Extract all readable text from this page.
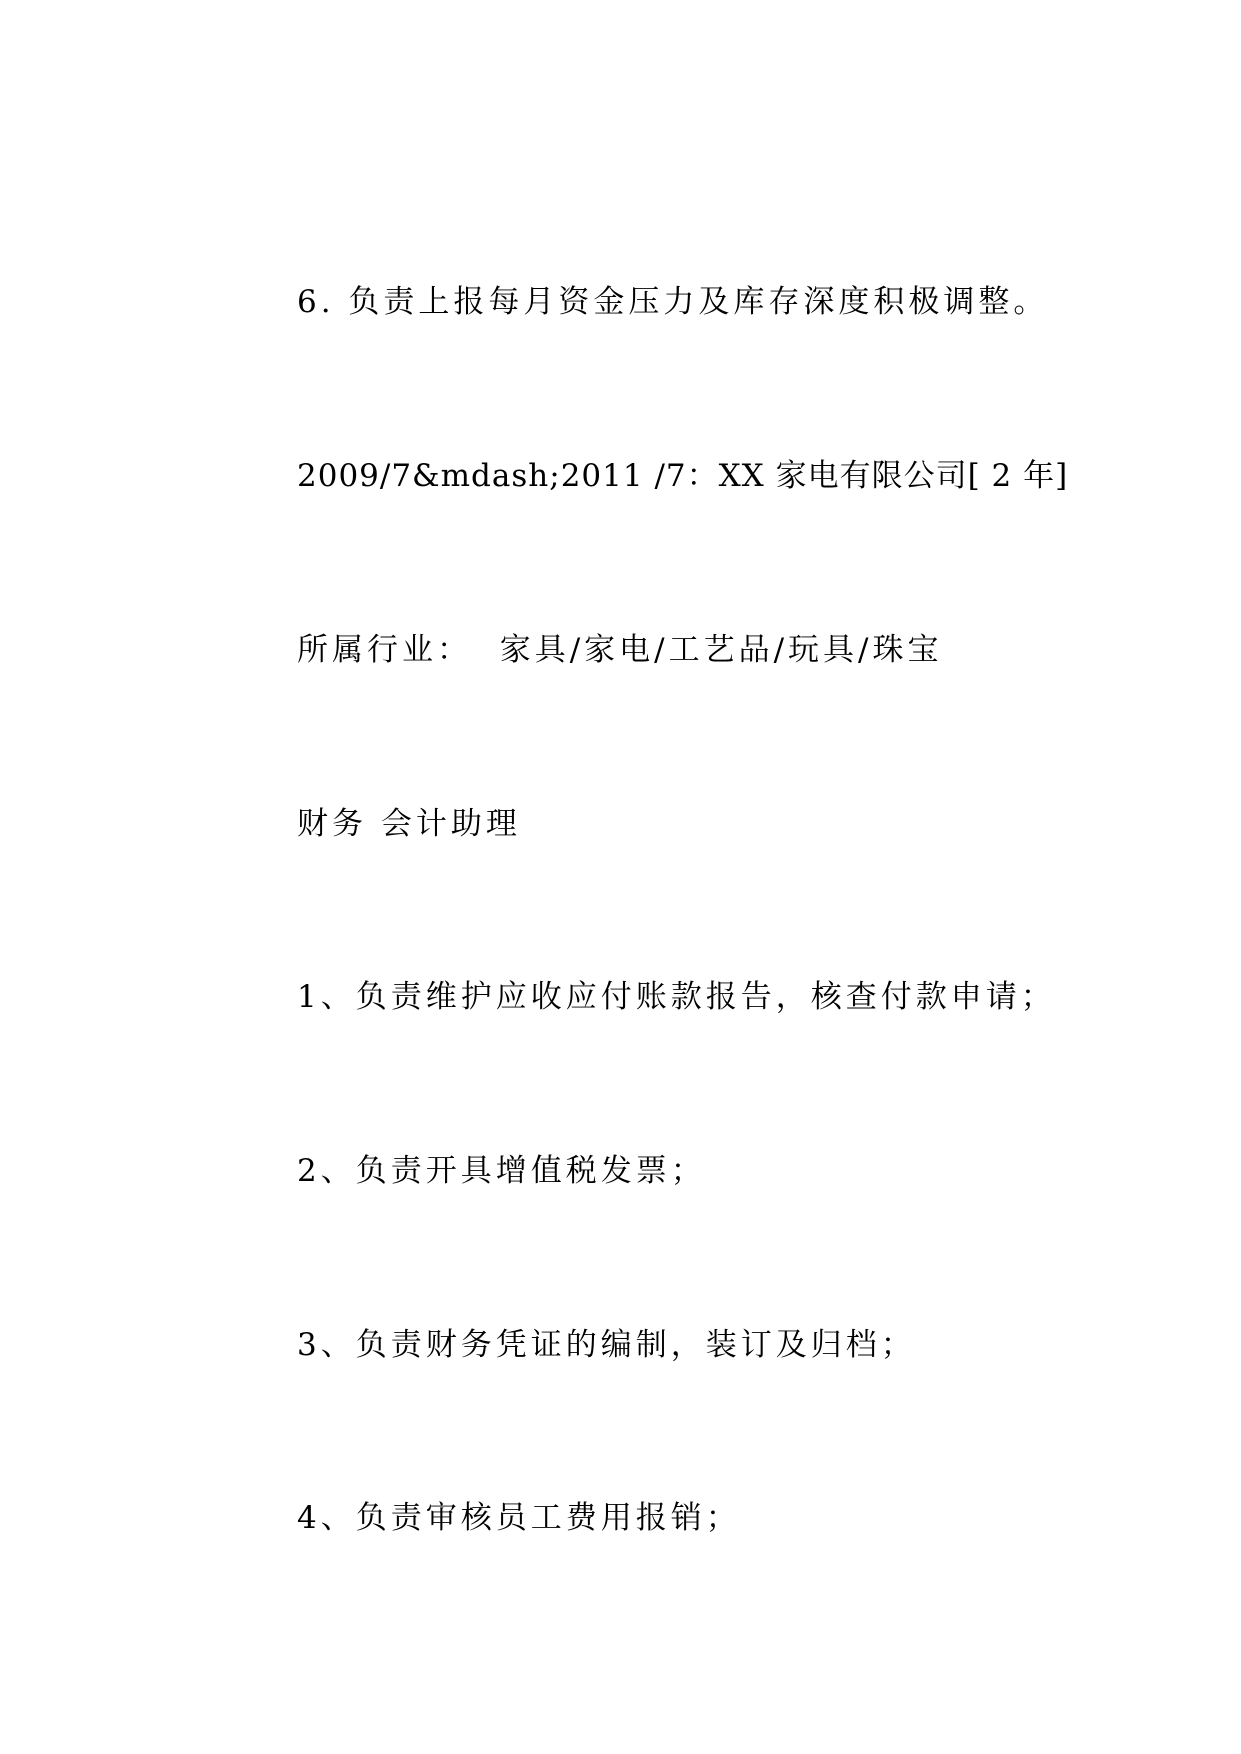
6. 负责上报每月资金压力及库存深度积极调整。
2009/7&mdash;2011 /7：XX 家电有限公司[ 2 年]
所属行业：  家具/家电/工艺品/玩具/珠宝
财务 会计助理
1、负责维护应收应付账款报告，核查付款申请；
2、负责开具增值税发票；
3、负责财务凭证的编制，装订及归档；
4、负责审核员工费用报销；
